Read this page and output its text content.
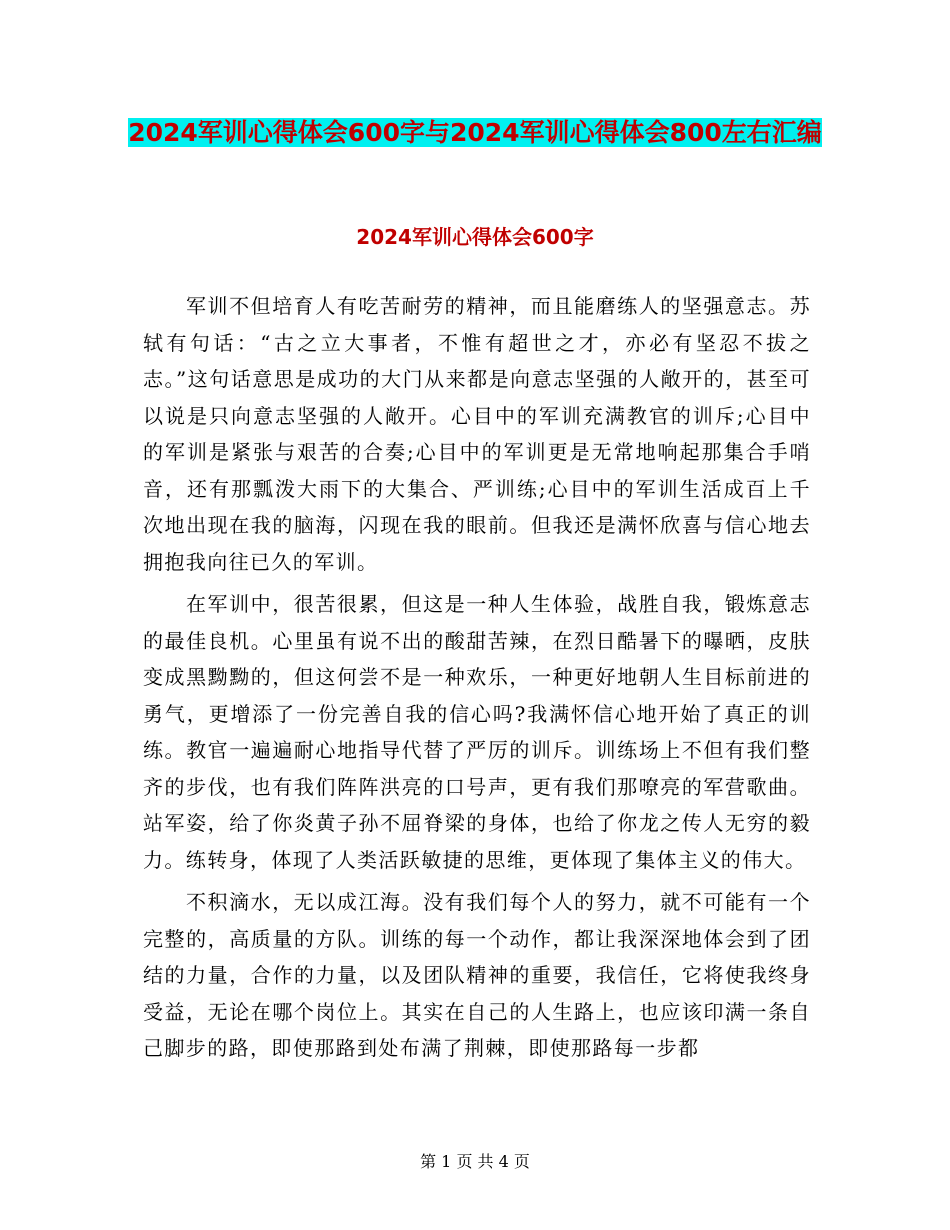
2024军训心得体会600字与2024军训心得体会800左右汇编
2024军训心得体会600字

军训不但培育人有吃苦耐劳的精神，而且能磨练人的坚强意志。苏轼有句话：“古之立大事者，不惟有超世之才，亦必有坚忍不拔之志。”这句话意思是成功的大门从来都是向意志坚强的人敞开的，甚至可以说是只向意志坚强的人敞开。心目中的军训充满教官的训斥;心目中的军训是紧张与艰苦的合奏;心目中的军训更是无常地响起那集合手哨音，还有那瓢泼大雨下的大集合、严训练;心目中的军训生活成百上千次地出现在我的脑海，闪现在我的眼前。但我还是满怀欣喜与信心地去拥抱我向往已久的军训。

在军训中，很苦很累，但这是一种人生体验，战胜自我，锻炼意志的最佳良机。心里虽有说不出的酸甜苦辣，在烈日酷暑下的曝晒，皮肤变成黑黝黝的，但这何尝不是一种欢乐，一种更好地朝人生目标前进的勇气，更增添了一份完善自我的信心吗?我满怀信心地开始了真正的训练。教官一遍遍耐心地指导代替了严厉的训斥。训练场上不但有我们整齐的步伐，也有我们阵阵洪亮的口号声，更有我们那嘹亮的军营歌曲。站军姿，给了你炎黄子孙不屈脊梁的身体，也给了你龙之传人无穷的毅力。练转身，体现了人类活跃敏捷的思维，更体现了集体主义的伟大。

不积滴水，无以成江海。没有我们每个人的努力，就不可能有一个完整的，高质量的方队。训练的每一个动作，都让我深深地体会到了团结的力量，合作的力量，以及团队精神的重要，我信任，它将使我终身受益，无论在哪个岗位上。其实在自己的人生路上，也应该印满一条自己脚步的路，即使那路到处布满了荆棘，即使那路每一步都

第 1 页 共 4 页
